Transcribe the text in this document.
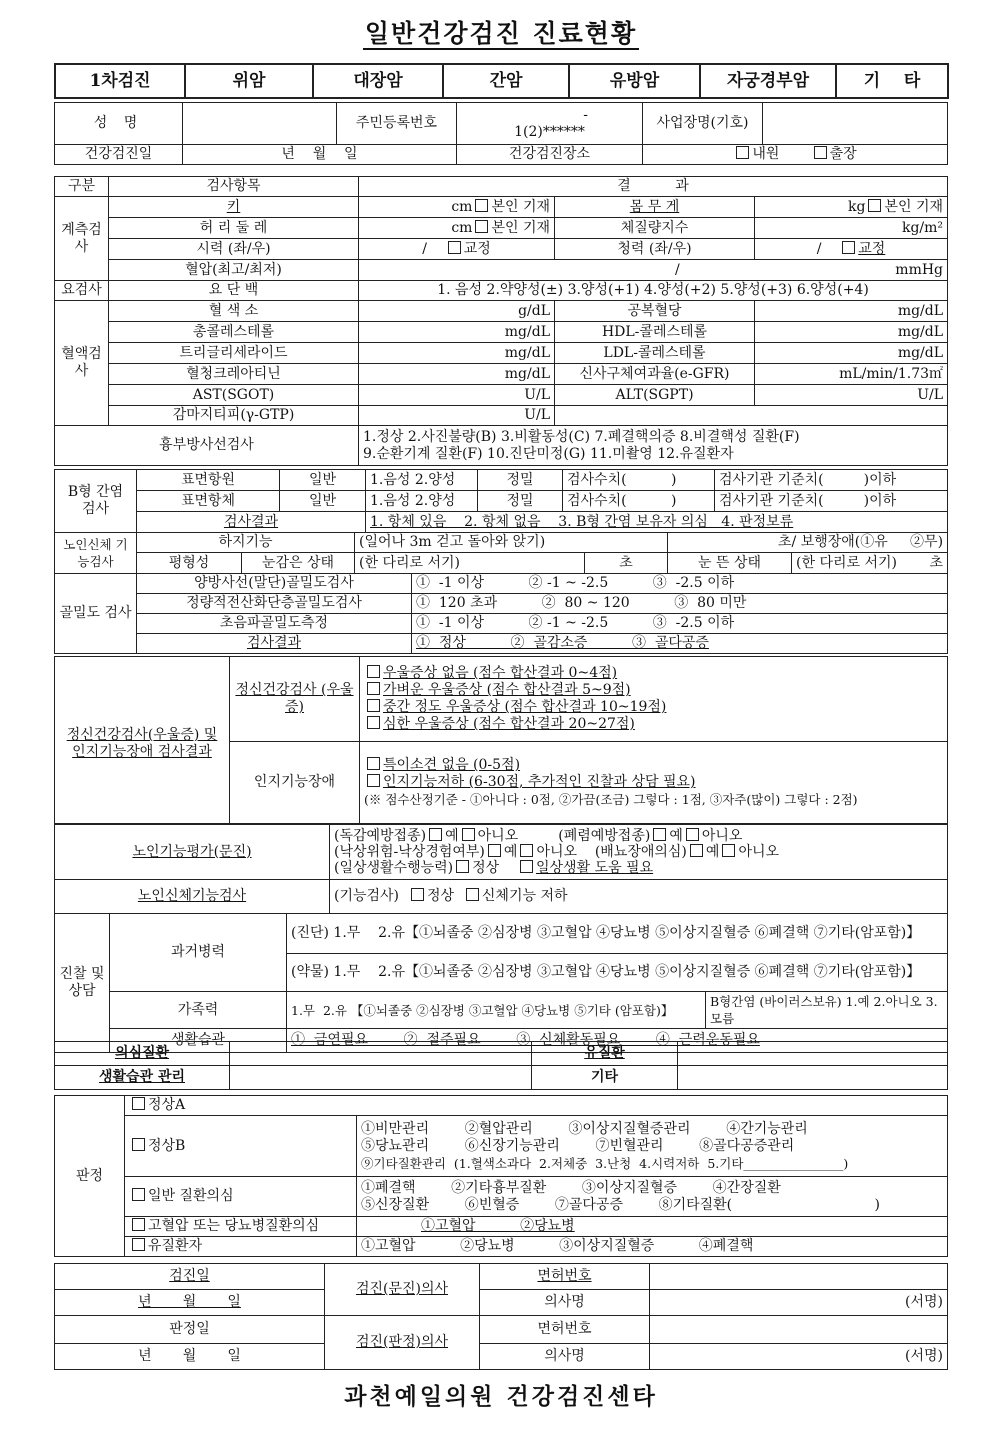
일반건강검진 진료현황
1차검진	위암	대장암	간암	유방암	자궁경부암	기    타
성 명		주민등록번호	-
1(2)******	사업장명(기호)	
건강검진일	년    월    일		건강검진장소	내원 출장	
구분	검사항목	결          과		
계측검사	키	cm 본인 기재	몸 무 게	kg 본인 기재
	허 리 둘 레	cm 본인 기재	체질량지수	kg/m²
	시력 (좌/우)	/ 교정	청력 (좌/우)	/ 교정
	혈압(최고/최저)	/ mmHg		

요검사	요 단 백	1. 음성 2.약양성(±) 3.양성(+1) 4.양성(+2) 5.양성(+3) 6.양성(+4)		
혈액검사	혈 색 소	g/dL	공복혈당	mg/dL
	총콜레스테롤	mg/dL	HDL-콜레스테롤	mg/dL
	트리글리세라이드	mg/dL	LDL-콜레스테롤	mg/dL
	혈청크레아티닌	mg/dL	신사구체여과율(e-GFR)	mL/min/1.73㎡
	AST(SGOT)	U/L	ALT(SGPT)	U/L
	감마지티피(γ-GTP)	U/L		
흉부방사선검사		1.정상 2.사진불량(B) 3.비활동성(C) 7.폐결핵의증 8.비결핵성 질환(F)
9.순환기계 질환(F) 10.진단미정(G) 11.미촬영 12.유질환자		
B형 간염 검사	표면항원	일반	1.음성 2.양성	정밀	검사수치(          )	검사기관 기준치(         )이하
	표면항체	일반	1.음성 2.양성	정밀	검사수치(          )	검사기관 기준치(         )이하
	검사결과		1. 항체 있음    2. 항체 없음    3. B형 간염 보유자 의심   4. 판정보류			
노인신체 기능검사	하지기능		(일어나 3m 걷고 돌아와 앉기)		초/ 보행장애(①유     ②무)	
	평형성	눈감은 상태	(한 다리로 서기)	초	눈 뜬 상태	(한 다리로 서기) 초
골밀도 검사	양방사선(말단)골밀도검사	①  -1 이상          ② -1 ~ -2.5          ③  -2.5 이하
	정량적전산화단층골밀도검사	①  120 초과          ②  80 ~ 120          ③  80 미만
	초음파골밀도측정	①  -1 이상          ② -1 ~ -2.5          ③  -2.5 이하
	검사결과	①  정상          ②  골감소증          ③  골다공증
정신건강검사(우울증) 및 인지기능장애 검사결과	정신건강검사 (우울증)	우울증상 없음 (점수 합산결과 0~4점)
가벼운 우울증상 (점수 합산결과 5~9점)
중간 정도 우울증상 (점수 합산결과 10~19점)
심한 우울증상 (점수 합산결과 20~27점)

	인지기능장애	특이소견 없음 (0-5점)
인지기능저하 (6-30점, 추가적인 진찰과 상담 필요)
(※ 점수산정기준 - ①아니다 : 0점, ②가끔(조금) 그렇다 : 1점, ③자주(많이) 그렇다 : 2점)
노인기능평가(문진)	(독감예방접종) 예 아니오 (폐렴예방접종) 예 아니오
(낙상위험-낙상경험여부) 예 아니오 (배뇨장애의심) 예 아니오
(일상생활수행능력) 정상 일상생활 도움 필요

노인신체기능검사	(기능검사) 정상 신체기능 저하
진찰 및 상담	과거병력	(진단) 1.무    2.유【①뇌졸중 ②심장병 ③고혈압 ④당뇨병 ⑤이상지질혈증 ⑥폐결핵 ⑦기타(암포함)】	
		(약물) 1.무    2.유【①뇌졸중 ②심장병 ③고혈압 ④당뇨병 ⑤이상지질혈증 ⑥폐결핵 ⑦기타(암포함)】	
	가족력	1.무  2.유 【①뇌졸중 ②심장병 ③고혈압 ④당뇨병 ⑤기타 (암포함)】	B형간염 (바이러스보유) 1.예 2.아니오 3.모름
	생활습관	①  금연필요        ②  절주필요        ③  신체활동필요        ④  근력운동필요	
의심질환		유질환	
생활습관 관리		기타	
판정	정상A	
	정상B	①비만관리        ②혈압관리        ③이상지질혈증관리        ④간기능관리
⑤당뇨관리        ⑥신장기능관리        ⑦빈혈관리        ⑧골다공증관리
⑨기타질환관리  (1.혈색소과다  2.저체중  3.난청  4.시력저하  5.기타________________)

	일반 질환의심	①폐결핵        ②기타흉부질환        ③이상지질혈증        ④간장질환
⑤신장질환        ⑥빈혈증        ⑦골다공증        ⑧기타질환(                                )

	고혈압 또는 당뇨병질환의심	①고혈압          ②당뇨병
	유질환자	①고혈압          ②당뇨병          ③이상지질혈증          ④폐결핵
검진일	검진(문진)의사	면허번호	
년       월       일		의사명	(서명)
판정일	검진(판정)의사	면허번호	
년       월       일		의사명	(서명)
과천예일의원 건강검진센타
